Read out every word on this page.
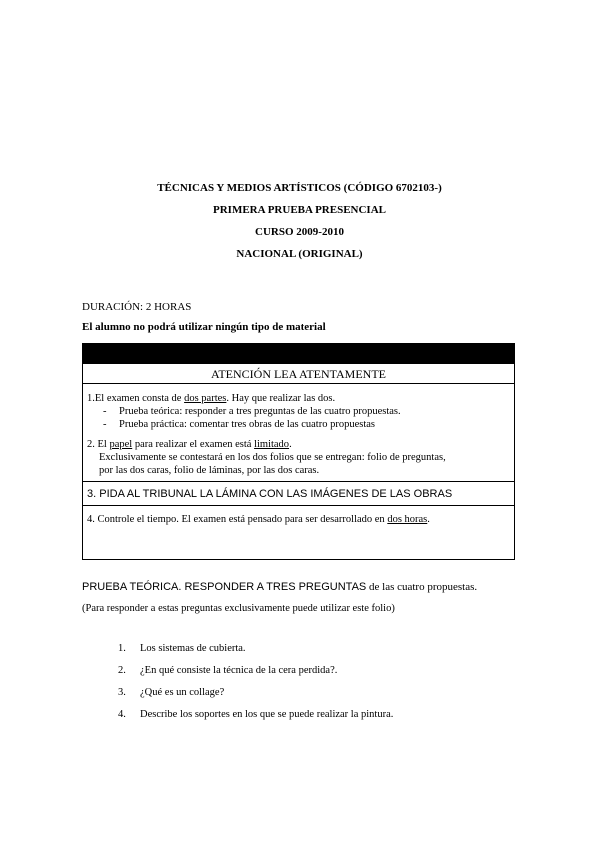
TÉCNICAS Y MEDIOS ARTÍSTICOS (CÓDIGO 6702103-)
PRIMERA PRUEBA PRESENCIAL
CURSO 2009-2010
NACIONAL (ORIGINAL)
DURACIÓN: 2 HORAS
El alumno no podrá utilizar ningún tipo de material
ATENCIÓN LEA ATENTAMENTE
1.El examen consta de dos partes. Hay que realizar las dos.
- Prueba teórica: responder a tres preguntas de las cuatro propuestas.
- Prueba práctica: comentar tres obras de las cuatro propuestas
2. El papel para realizar el examen está limitado.
Exclusivamente se contestará en los dos folios que se entregan: folio de preguntas,
por las dos caras, folio de láminas, por las dos caras.
3. PIDA AL TRIBUNAL LA LÁMINA CON LAS IMÁGENES DE LAS OBRAS
4. Controle el tiempo. El examen está pensado para ser desarrollado en dos horas.
PRUEBA TEÓRICA. RESPONDER A TRES PREGUNTAS de las cuatro propuestas.
(Para responder a estas preguntas exclusivamente puede utilizar este folio)
1. Los sistemas de cubierta.
2. ¿En qué consiste la técnica de la cera perdida?.
3. ¿Qué es un collage?
4. Describe los soportes en los que se puede realizar la pintura.
